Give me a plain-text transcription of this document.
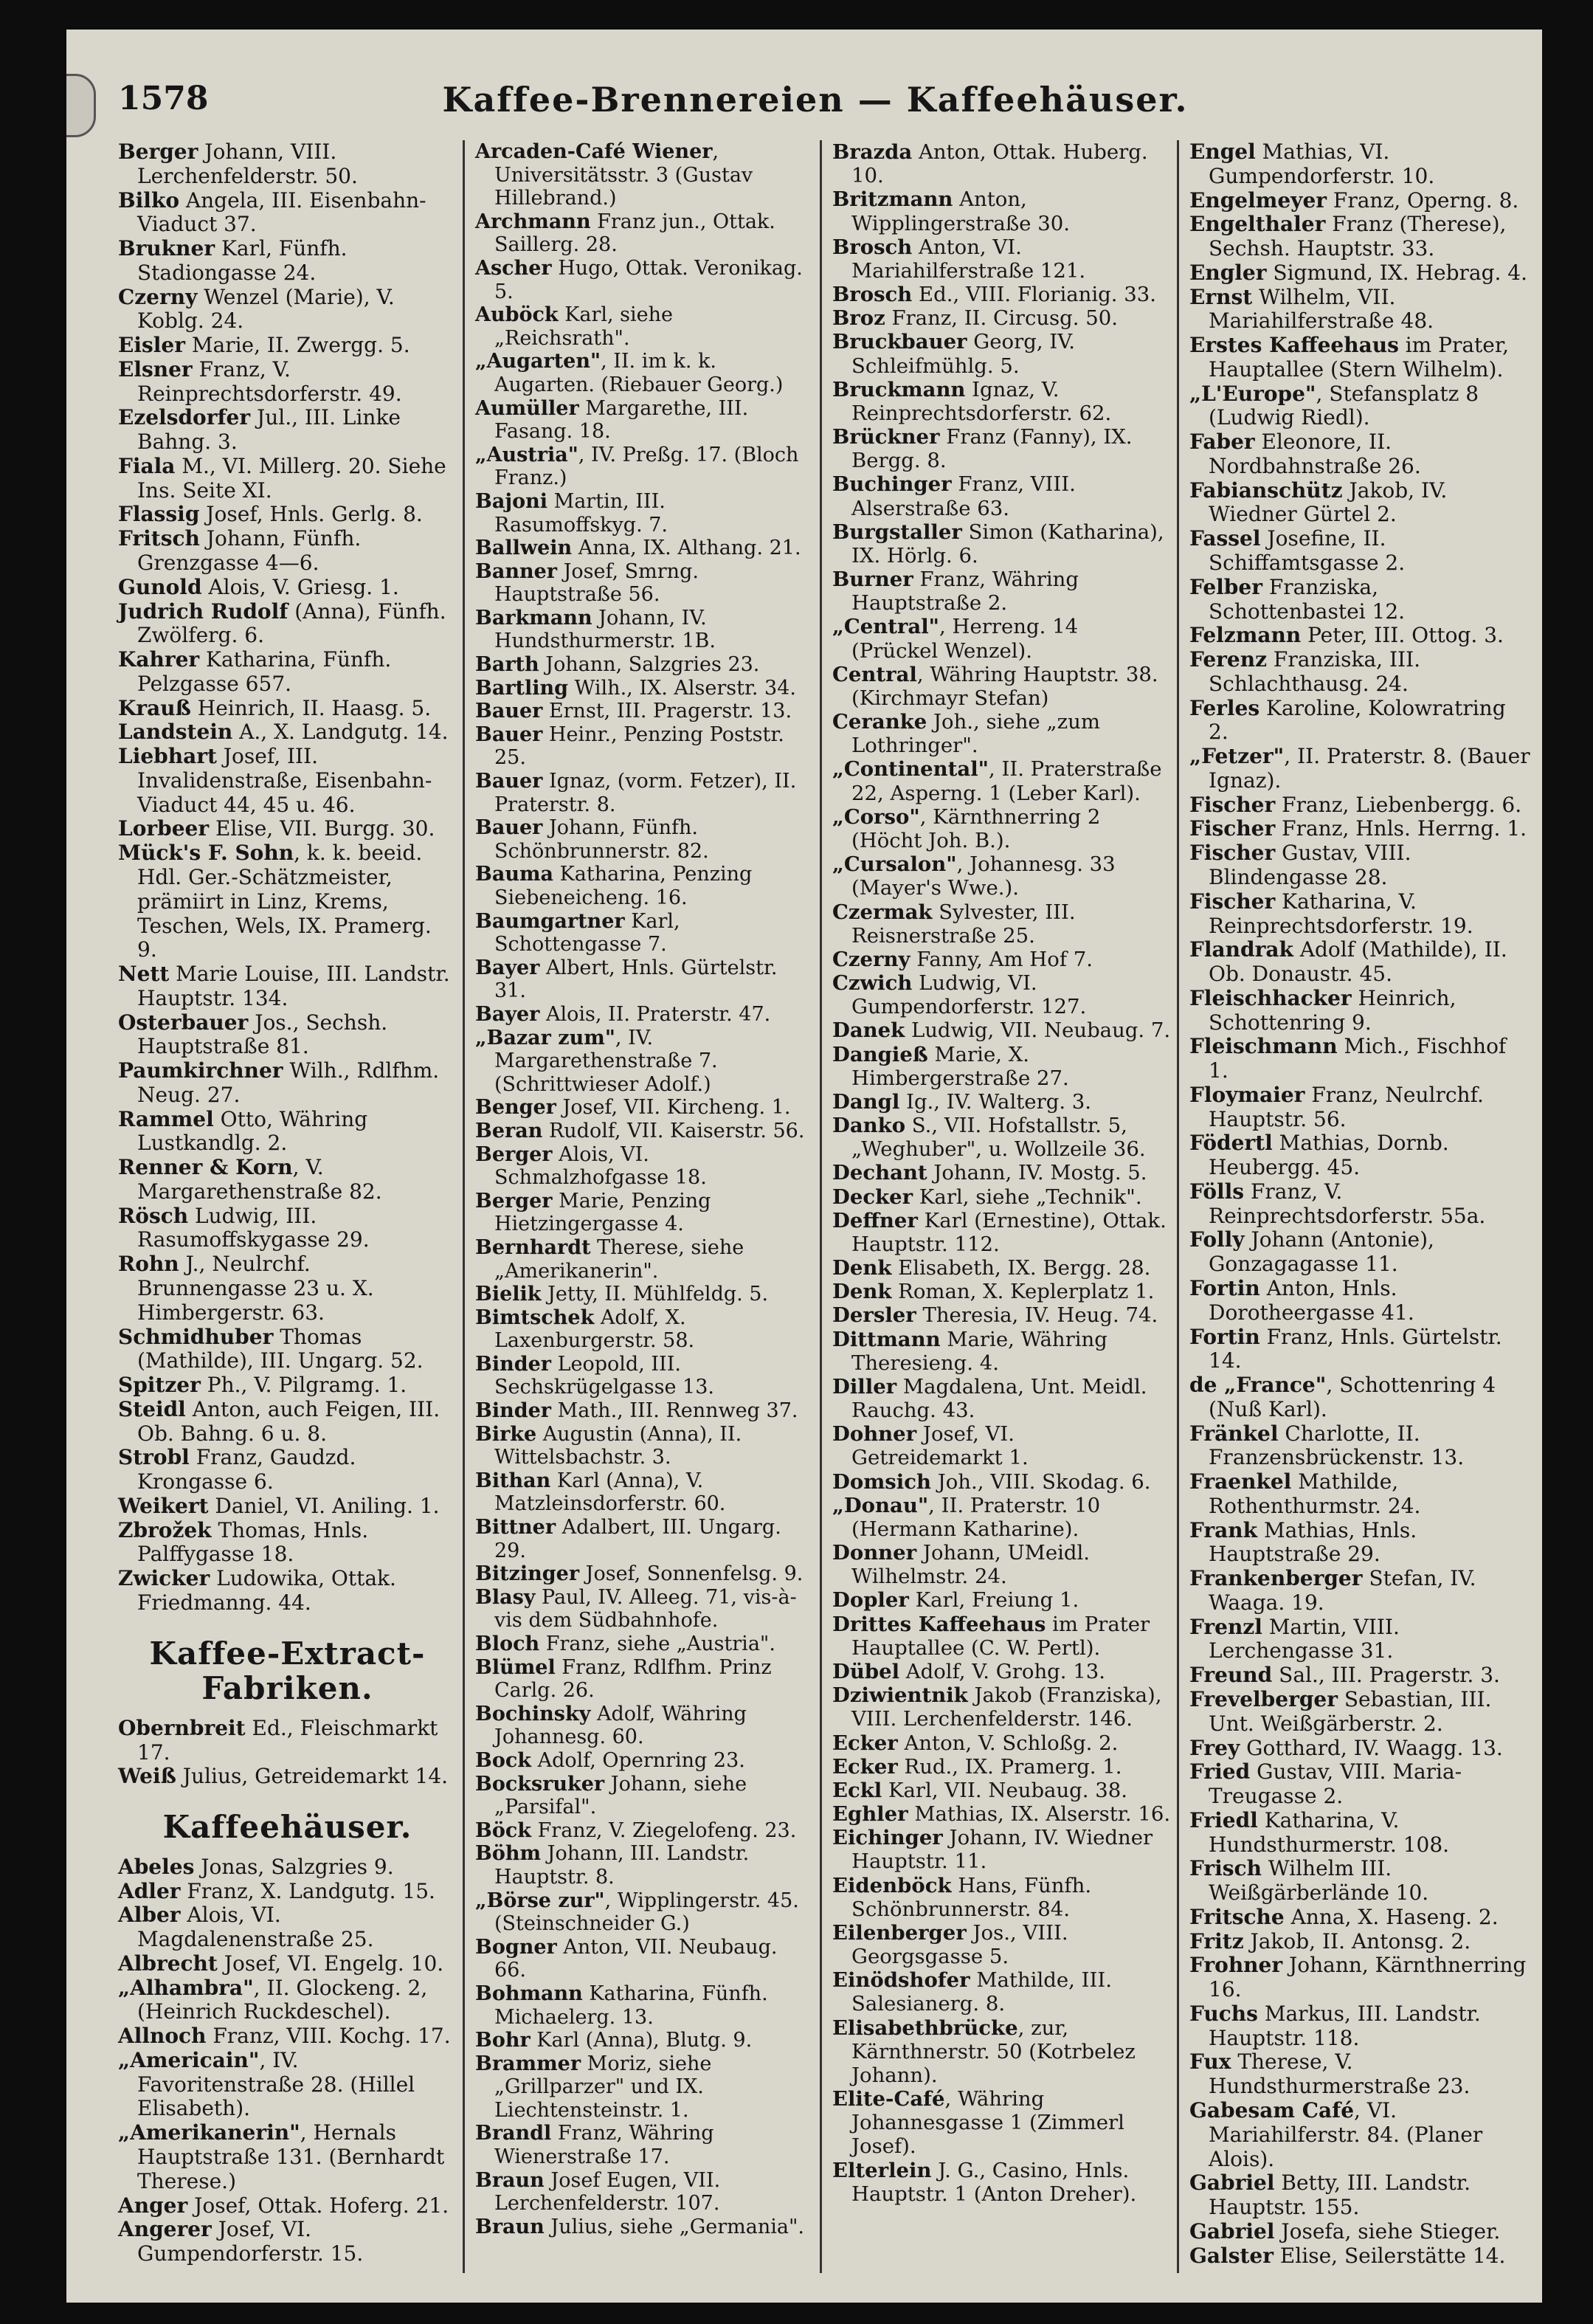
1578	Kaffee-Brennereien — Kaffeehäuser.

Berger Johann, VIII. Lerchenfelderstr. 50.

Bilko Angela, III. Eisenbahn-Viaduct 37.

Brukner Karl, Fünfh. Stadiongasse 24.

Czerny Wenzel (Marie), V. Koblg. 24.

Eisler Marie, II. Zwergg. 5.

Elsner Franz, V. Reinprechtsdorferstr. 49.

Ezelsdorfer Jul., III. Linke Bahng. 3.

Fiala M., VI. Millerg. 20. Siehe Ins. Seite XI.

Flassig Josef, Hnls. Gerlg. 8.

Fritsch Johann, Fünfh. Grenzgasse 4—6.

Gunold Alois, V. Griesg. 1.

Judrich Rudolf (Anna), Fünfh. Zwölferg. 6.

Kahrer Katharina, Fünfh. Pelzgasse 657.

Krauß Heinrich, II. Haasg. 5.

Landstein A., X. Landgutg. 14.

Liebhart Josef, III. Invalidenstraße, Eisenbahn-Viaduct 44, 45 u. 46.

Lorbeer Elise, VII. Burgg. 30.

Mück's F. Sohn, k. k. beeid. Hdl. Ger.-Schätzmeister, prämiirt in Linz, Krems, Teschen, Wels, IX. Pramerg. 9.

Nett Marie Louise, III. Landstr. Hauptstr. 134.

Osterbauer Jos., Sechsh. Hauptstraße 81.

Paumkirchner Wilh., Rdlfhm. Neug. 27.

Rammel Otto, Währing Lustkandlg. 2.

Renner & Korn, V. Margarethenstraße 82.

Rösch Ludwig, III. Rasumoffskygasse 29.

Rohn J., Neulrchf. Brunnengasse 23 u. X. Himbergerstr. 63.

Schmidhuber Thomas (Mathilde), III. Ungarg. 52.

Spitzer Ph., V. Pilgramg. 1.

Steidl Anton, auch Feigen, III. Ob. Bahng. 6 u. 8.

Strobl Franz, Gaudzd. Krongasse 6.

Weikert Daniel, VI. Aniling. 1.

Zbrožek Thomas, Hnls. Palffygasse 18.

Zwicker Ludowika, Ottak. Friedmanng. 44.

Kaffee-Extract-Fabriken.

Obernbreit Ed., Fleischmarkt 17.

Weiß Julius, Getreidemarkt 14.

Kaffeehäuser.

Abeles Jonas, Salzgries 9.

Adler Franz, X. Landgutg. 15.

Alber Alois, VI. Magdalenenstraße 25.

Albrecht Josef, VI. Engelg. 10.

„Alhambra", II. Glockeng. 2, (Heinrich Ruckdeschel).

Allnoch Franz, VIII. Kochg. 17.

„Americain", IV. Favoritenstraße 28. (Hillel Elisabeth).

„Amerikanerin", Hernals Hauptstraße 131. (Bernhardt Therese.)

Anger Josef, Ottak. Hoferg. 21.

Angerer Josef, VI. Gumpendorferstr. 15.

Arcaden-Café Wiener, Universitätsstr. 3 (Gustav Hillebrand.)

Archmann Franz jun., Ottak. Saillerg. 28.

Ascher Hugo, Ottak. Veronikag. 5.

Auböck Karl, siehe „Reichsrath".

„Augarten", II. im k. k. Augarten. (Riebauer Georg.)

Aumüller Margarethe, III. Fasang. 18.

„Austria", IV. Preßg. 17. (Bloch Franz.)

Bajoni Martin, III. Rasumoffskyg. 7.

Ballwein Anna, IX. Althang. 21.

Banner Josef, Smrng. Hauptstraße 56.

Barkmann Johann, IV. Hundsthurmerstr. 1B.

Barth Johann, Salzgries 23.

Bartling Wilh., IX. Alserstr. 34.

Bauer Ernst, III. Pragerstr. 13.

Bauer Heinr., Penzing Poststr. 25.

Bauer Ignaz, (vorm. Fetzer), II. Praterstr. 8.

Bauer Johann, Fünfh. Schönbrunnerstr. 82.

Bauma Katharina, Penzing Siebeneicheng. 16.

Baumgartner Karl, Schottengasse 7.

Bayer Albert, Hnls. Gürtelstr. 31.

Bayer Alois, II. Praterstr. 47.

„Bazar zum", IV. Margarethenstraße 7. (Schrittwieser Adolf.)

Benger Josef, VII. Kircheng. 1.

Beran Rudolf, VII. Kaiserstr. 56.

Berger Alois, VI. Schmalzhofgasse 18.

Berger Marie, Penzing Hietzingergasse 4.

Bernhardt Therese, siehe „Amerikanerin".

Bielik Jetty, II. Mühlfeldg. 5.

Bimtschek Adolf, X. Laxenburgerstr. 58.

Binder Leopold, III. Sechskrügelgasse 13.

Binder Math., III. Rennweg 37.

Birke Augustin (Anna), II. Wittelsbachstr. 3.

Bithan Karl (Anna), V. Matzleinsdorferstr. 60.

Bittner Adalbert, III. Ungarg. 29.

Bitzinger Josef, Sonnenfelsg. 9.

Blasy Paul, IV. Alleeg. 71, vis-à-vis dem Südbahnhofe.

Bloch Franz, siehe „Austria".

Blümel Franz, Rdlfhm. Prinz Carlg. 26.

Bochinsky Adolf, Währing Johannesg. 60.

Bock Adolf, Opernring 23.

Bocksruker Johann, siehe „Parsifal".

Böck Franz, V. Ziegelofeng. 23.

Böhm Johann, III. Landstr. Hauptstr. 8.

„Börse zur", Wipplingerstr. 45. (Steinschneider G.)

Bogner Anton, VII. Neubaug. 66.

Bohmann Katharina, Fünfh. Michaelerg. 13.

Bohr Karl (Anna), Blutg. 9.

Brammer Moriz, siehe „Grillparzer" und IX. Liechtensteinstr. 1.

Brandl Franz, Währing Wienerstraße 17.

Braun Josef Eugen, VII. Lerchenfelderstr. 107.

Braun Julius, siehe „Germania".

Brazda Anton, Ottak. Huberg. 10.

Britzmann Anton, Wipplingerstraße 30.

Brosch Anton, VI. Mariahilferstraße 121.

Brosch Ed., VIII. Florianig. 33.

Broz Franz, II. Circusg. 50.

Bruckbauer Georg, IV. Schleifmühlg. 5.

Bruckmann Ignaz, V. Reinprechtsdorferstr. 62.

Brückner Franz (Fanny), IX. Bergg. 8.

Buchinger Franz, VIII. Alserstraße 63.

Burgstaller Simon (Katharina), IX. Hörlg. 6.

Burner Franz, Währing Hauptstraße 2.

„Central", Herreng. 14 (Prückel Wenzel).

Central, Währing Hauptstr. 38. (Kirchmayr Stefan)

Ceranke Joh., siehe „zum Lothringer".

„Continental", II. Praterstraße 22, Asperng. 1 (Leber Karl).

„Corso", Kärnthnerring 2 (Höcht Joh. B.).

„Cursalon", Johannesg. 33 (Mayer's Wwe.).

Czermak Sylvester, III. Reisnerstraße 25.

Czerny Fanny, Am Hof 7.

Czwich Ludwig, VI. Gumpendorferstr. 127.

Danek Ludwig, VII. Neubaug. 7.

Dangieß Marie, X. Himbergerstraße 27.

Dangl Ig., IV. Walterg. 3.

Danko S., VII. Hofstallstr. 5, „Weghuber", u. Wollzeile 36.

Dechant Johann, IV. Mostg. 5.

Decker Karl, siehe „Technik".

Deffner Karl (Ernestine), Ottak. Hauptstr. 112.

Denk Elisabeth, IX. Bergg. 28.

Denk Roman, X. Keplerplatz 1.

Dersler Theresia, IV. Heug. 74.

Dittmann Marie, Währing Theresieng. 4.

Diller Magdalena, Unt. Meidl. Rauchg. 43.

Dohner Josef, VI. Getreidemarkt 1.

Domsich Joh., VIII. Skodag. 6.

„Donau", II. Praterstr. 10 (Hermann Katharine).

Donner Johann, UMeidl. Wilhelmstr. 24.

Dopler Karl, Freiung 1.

Drittes Kaffeehaus im Prater Hauptallee (C. W. Pertl).

Dübel Adolf, V. Grohg. 13.

Dziwientnik Jakob (Franziska), VIII. Lerchenfelderstr. 146.

Ecker Anton, V. Schloßg. 2.

Ecker Rud., IX. Pramerg. 1.

Eckl Karl, VII. Neubaug. 38.

Eghler Mathias, IX. Alserstr. 16.

Eichinger Johann, IV. Wiedner Hauptstr. 11.

Eidenböck Hans, Fünfh. Schönbrunnerstr. 84.

Eilenberger Jos., VIII. Georgsgasse 5.

Einödshofer Mathilde, III. Salesianerg. 8.

Elisabethbrücke, zur, Kärnthnerstr. 50 (Kotrbelez Johann).

Elite-Café, Währing Johannesgasse 1 (Zimmerl Josef).

Elterlein J. G., Casino, Hnls. Hauptstr. 1 (Anton Dreher).

Engel Mathias, VI. Gumpendorferstr. 10.

Engelmeyer Franz, Operng. 8.

Engelthaler Franz (Therese), Sechsh. Hauptstr. 33.

Engler Sigmund, IX. Hebrag. 4.

Ernst Wilhelm, VII. Mariahilferstraße 48.

Erstes Kaffeehaus im Prater, Hauptallee (Stern Wilhelm).

„L'Europe", Stefansplatz 8 (Ludwig Riedl).

Faber Eleonore, II. Nordbahnstraße 26.

Fabianschütz Jakob, IV. Wiedner Gürtel 2.

Fassel Josefine, II. Schiffamtsgasse 2.

Felber Franziska, Schottenbastei 12.

Felzmann Peter, III. Ottog. 3.

Ferenz Franziska, III. Schlachthausg. 24.

Ferles Karoline, Kolowratring 2.

„Fetzer", II. Praterstr. 8. (Bauer Ignaz).

Fischer Franz, Liebenbergg. 6.

Fischer Franz, Hnls. Herrng. 1.

Fischer Gustav, VIII. Blindengasse 28.

Fischer Katharina, V. Reinprechtsdorferstr. 19.

Flandrak Adolf (Mathilde), II. Ob. Donaustr. 45.

Fleischhacker Heinrich, Schottenring 9.

Fleischmann Mich., Fischhof 1.

Floymaier Franz, Neulrchf. Hauptstr. 56.

Födertl Mathias, Dornb. Heubergg. 45.

Fölls Franz, V. Reinprechtsdorferstr. 55a.

Folly Johann (Antonie), Gonzagagasse 11.

Fortin Anton, Hnls. Dorotheergasse 41.

Fortin Franz, Hnls. Gürtelstr. 14.

de „France", Schottenring 4 (Nuß Karl).

Fränkel Charlotte, II. Franzensbrückenstr. 13.

Fraenkel Mathilde, Rothenthurmstr. 24.

Frank Mathias, Hnls. Hauptstraße 29.

Frankenberger Stefan, IV. Waaga. 19.

Frenzl Martin, VIII. Lerchengasse 31.

Freund Sal., III. Pragerstr. 3.

Frevelberger Sebastian, III. Unt. Weißgärberstr. 2.

Frey Gotthard, IV. Waagg. 13.

Fried Gustav, VIII. Maria-Treugasse 2.

Friedl Katharina, V. Hundsthurmerstr. 108.

Frisch Wilhelm III. Weißgärberlände 10.

Fritsche Anna, X. Haseng. 2.

Fritz Jakob, II. Antonsg. 2.

Frohner Johann, Kärnthnerring 16.

Fuchs Markus, III. Landstr. Hauptstr. 118.

Fux Therese, V. Hundsthurmerstraße 23.

Gabesam Café, VI. Mariahilferstr. 84. (Planer Alois).

Gabriel Betty, III. Landstr. Hauptstr. 155.

Gabriel Josefa, siehe Stieger.

Galster Elise, Seilerstätte 14.
